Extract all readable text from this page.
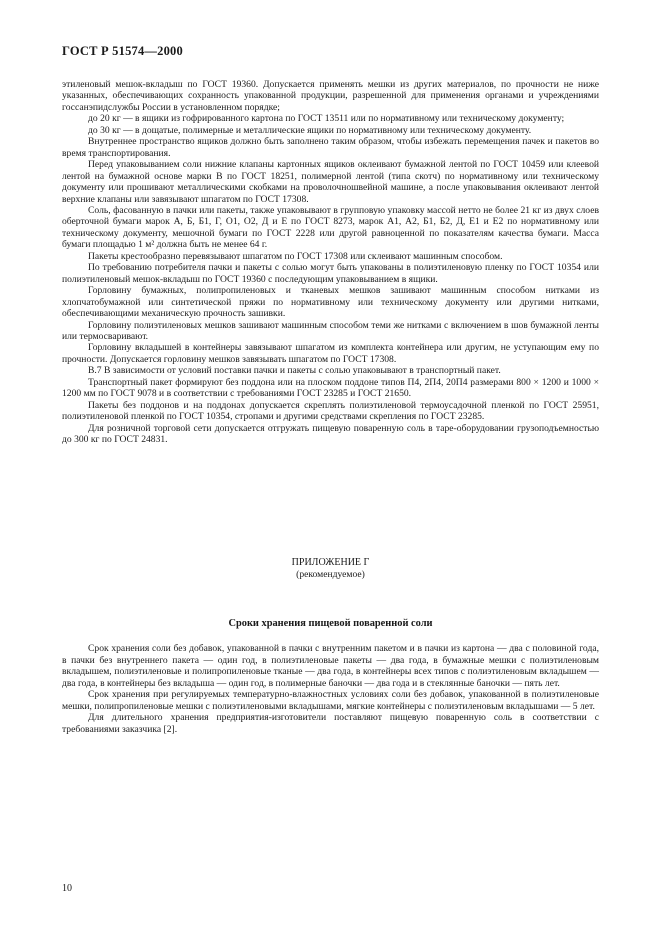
ГОСТ Р 51574—2000

этиленовый мешок-вкладыш по ГОСТ 19360. Допускается применять мешки из других материалов, по прочности не ниже указанных, обеспечивающих сохранность упакованной продукции, разрешенной для применения органами и учреждениями госсанэпидслужбы России в установленном порядке;

до 20 кг — в ящики из гофрированного картона по ГОСТ 13511 или по нормативному или техническому документу;

до 30 кг — в дощатые, полимерные и металлические ящики по нормативному или техническому документу.

Внутреннее пространство ящиков должно быть заполнено таким образом, чтобы избежать перемещения пачек и пакетов во время транспортирования.

Перед упаковыванием соли нижние клапаны картонных ящиков оклеивают бумажной лентой по ГОСТ 10459 или клеевой лентой на бумажной основе марки В по ГОСТ 18251, полимерной лентой (типа скотч) по нормативному или техническому документу или прошивают металлическими скобками на проволочношвейной машине, а после упаковывания оклеивают лентой верхние клапаны или завязывают шпагатом по ГОСТ 17308.

Соль, фасованную в пачки или пакеты, также упаковывают в групповую упаковку массой нетто не более 21 кг из двух слоев оберточной бумаги марок А, Б, Б1, Г, О1, О2, Д и Е по ГОСТ 8273, марок А1, А2, Б1, Б2, Д, Е1 и Е2 по нормативному или техническому документу, мешочной бумаги по ГОСТ 2228 или другой равноценной по показателям качества бумаги. Масса бумаги площадью 1 м² должна быть не менее 64 г.

Пакеты крестообразно перевязывают шпагатом по ГОСТ 17308 или склеивают машинным способом.

По требованию потребителя пачки и пакеты с солью могут быть упакованы в полиэтиленовую пленку по ГОСТ 10354 или полиэтиленовый мешок-вкладыш по ГОСТ 19360 с последующим упаковыванием в ящики.

Горловину бумажных, полипропиленовых и тканевых мешков зашивают машинным способом нитками из хлопчатобумажной или синтетической пряжи по нормативному или техническому документу или другими нитками, обеспечивающими механическую прочность зашивки.

Горловину полиэтиленовых мешков зашивают машинным способом теми же нитками с включением в шов бумажной ленты или термосваривают.

Горловину вкладышей в контейнеры завязывают шпагатом из комплекта контейнера или другим, не уступающим ему по прочности. Допускается горловину мешков завязывать шпагатом по ГОСТ 17308.

В.7 В зависимости от условий поставки пачки и пакеты с солью упаковывают в транспортный пакет.

Транспортный пакет формируют без поддона или на плоском поддоне типов П4, 2П4, 20П4 размерами 800 × 1200 и 1000 × 1200 мм по ГОСТ 9078 и в соответствии с требованиями ГОСТ 23285 и ГОСТ 21650.

Пакеты без поддонов и на поддонах допускается скреплять полиэтиленовой термоусадочной пленкой по ГОСТ 25951, полиэтиленовой пленкой по ГОСТ 10354, стропами и другими средствами скрепления по ГОСТ 23285.

Для розничной торговой сети допускается отгружать пищевую поваренную соль в таре-оборудовании грузоподъемностью до 300 кг по ГОСТ 24831.

ПРИЛОЖЕНИЕ Г
(рекомендуемое)
Сроки хранения пищевой поваренной соли

Срок хранения соли без добавок, упакованной в пачки с внутренним пакетом и в пачки из картона — два с половиной года, в пачки без внутреннего пакета — один год, в полиэтиленовые пакеты — два года, в бумажные мешки с полиэтиленовым вкладышем, полиэтиленовые и полипропиленовые тканые — два года, в контейнеры всех типов с полиэтиленовым вкладышем — два года, в контейнеры без вкладыша — один год, в полимерные баночки — два года и в стеклянные баночки — пять лет.

Срок хранения при регулируемых температурно-влажностных условиях соли без добавок, упакованной в полиэтиленовые мешки, полипропиленовые мешки с полиэтиленовыми вкладышами, мягкие контейнеры с полиэтиленовым вкладышами — 5 лет.

Для длительного хранения предприятия-изготовители поставляют пищевую поваренную соль в соответствии с требованиями заказчика [2].

10
